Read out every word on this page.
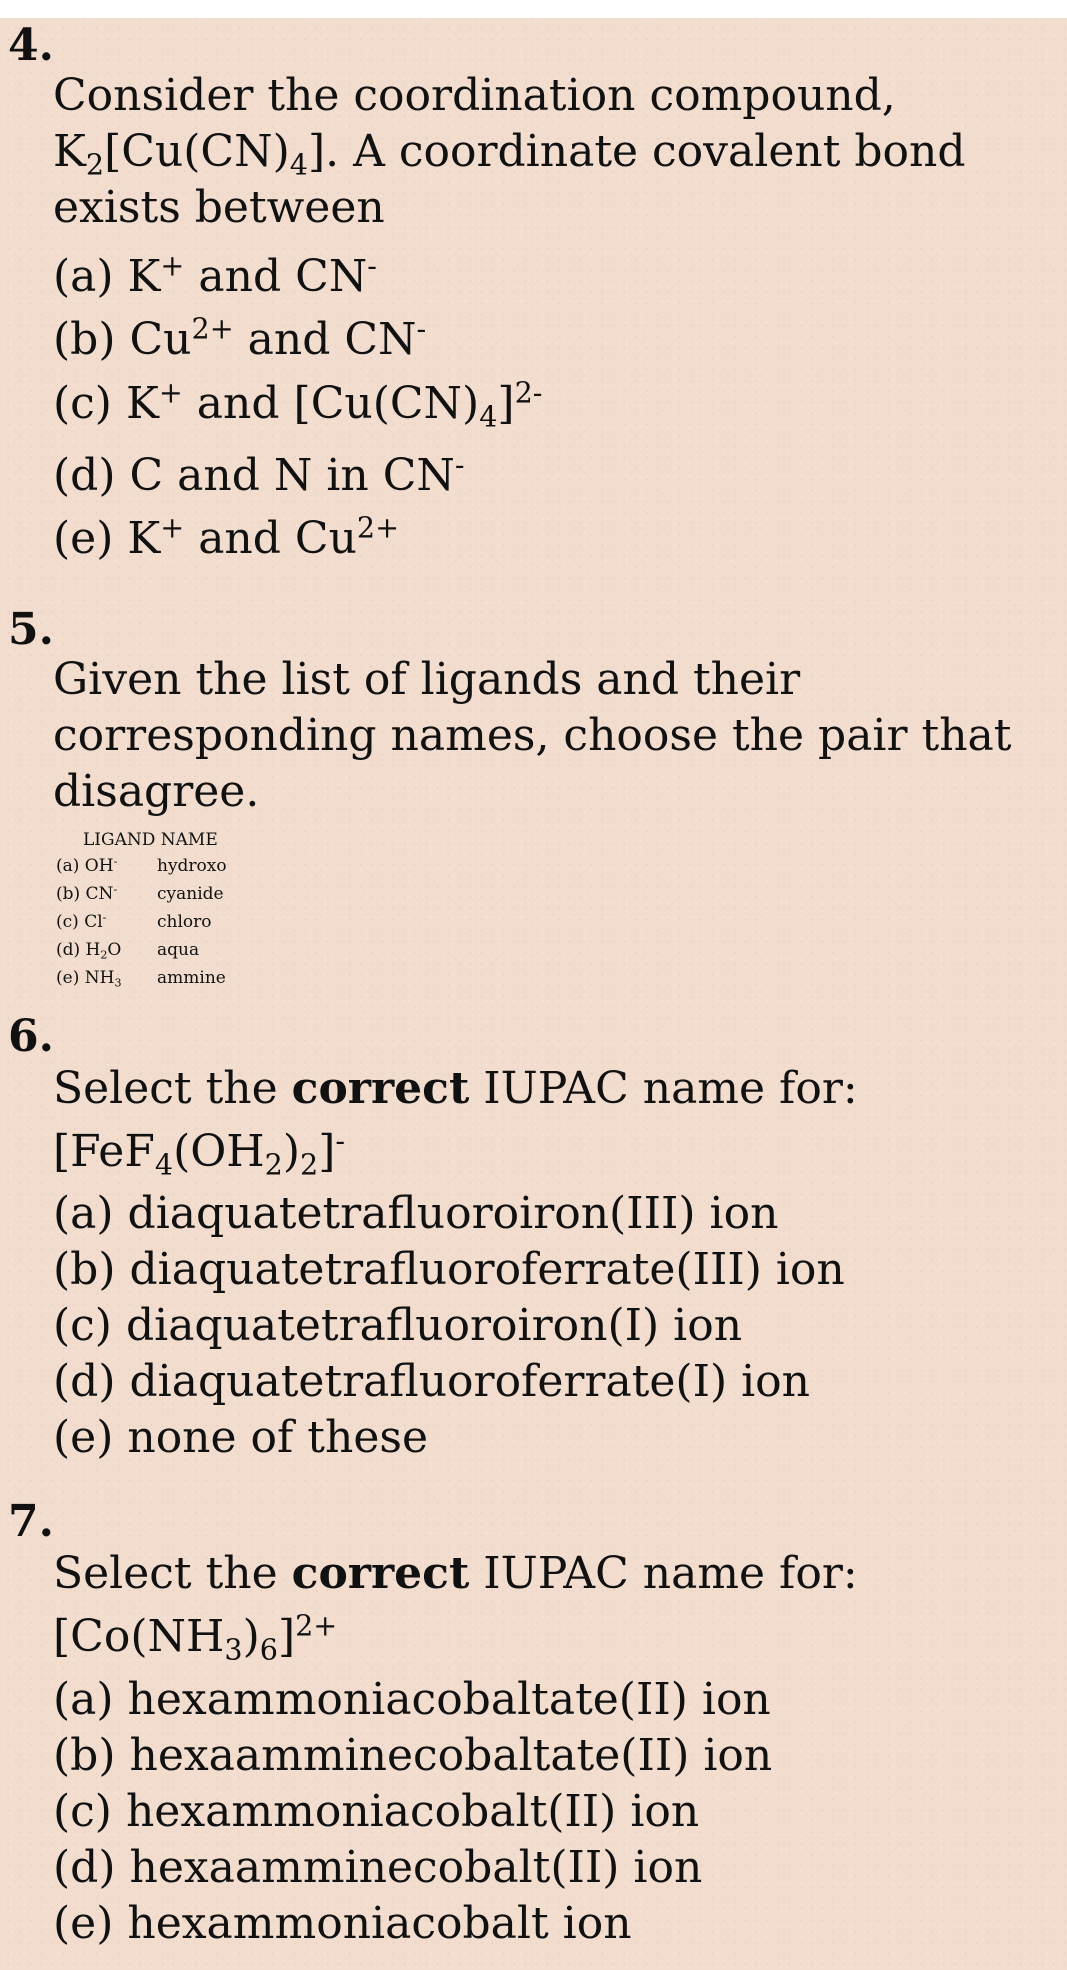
4.
Consider the coordination compound,
$K_2[Cu(CN)_4]$. A coordinate covalent bond
exists between
(a) K+ and CN-
(b) $Cu^{2+}$ and CN-
(c) K+ and $[Cu(CN)_4]^{2-}$
(d) C and N in CN-
(e) K+ and $Cu^{2+}$
5.
Given the list of ligands and their
corresponding names, choose the pair that
disagree.
LIGAND NAME
(a) OH- hydroxo
(b) CN- cyanide
(c) Cl-	chloro
(d) $H_2O$ aqua
(e) $NH_3$ ammine
6.
Select the correct IUPAC name for:
$[FeF_4(OH_2)_2]^-$
(a) diaquatetrafluoroiron(III) ion
(b) diaquatetrafluoroferrate(III) ion
(c) diaquatetrafluoroiron(I) ion
(d) diaquatetrafluoroferrate(I) ion
(e) none of these
7.
Select the correct IUPAC name for:
$[Co(NH_3)_6]^{2+}$
(a) hexammoniacobaltate(II) ion
(b) hexaamminecobaltate(II) ion
(c) hexammoniacobalt(II) ion
(d) hexaamminecobalt(II) ion
(e) hexammoniacobalt ion
